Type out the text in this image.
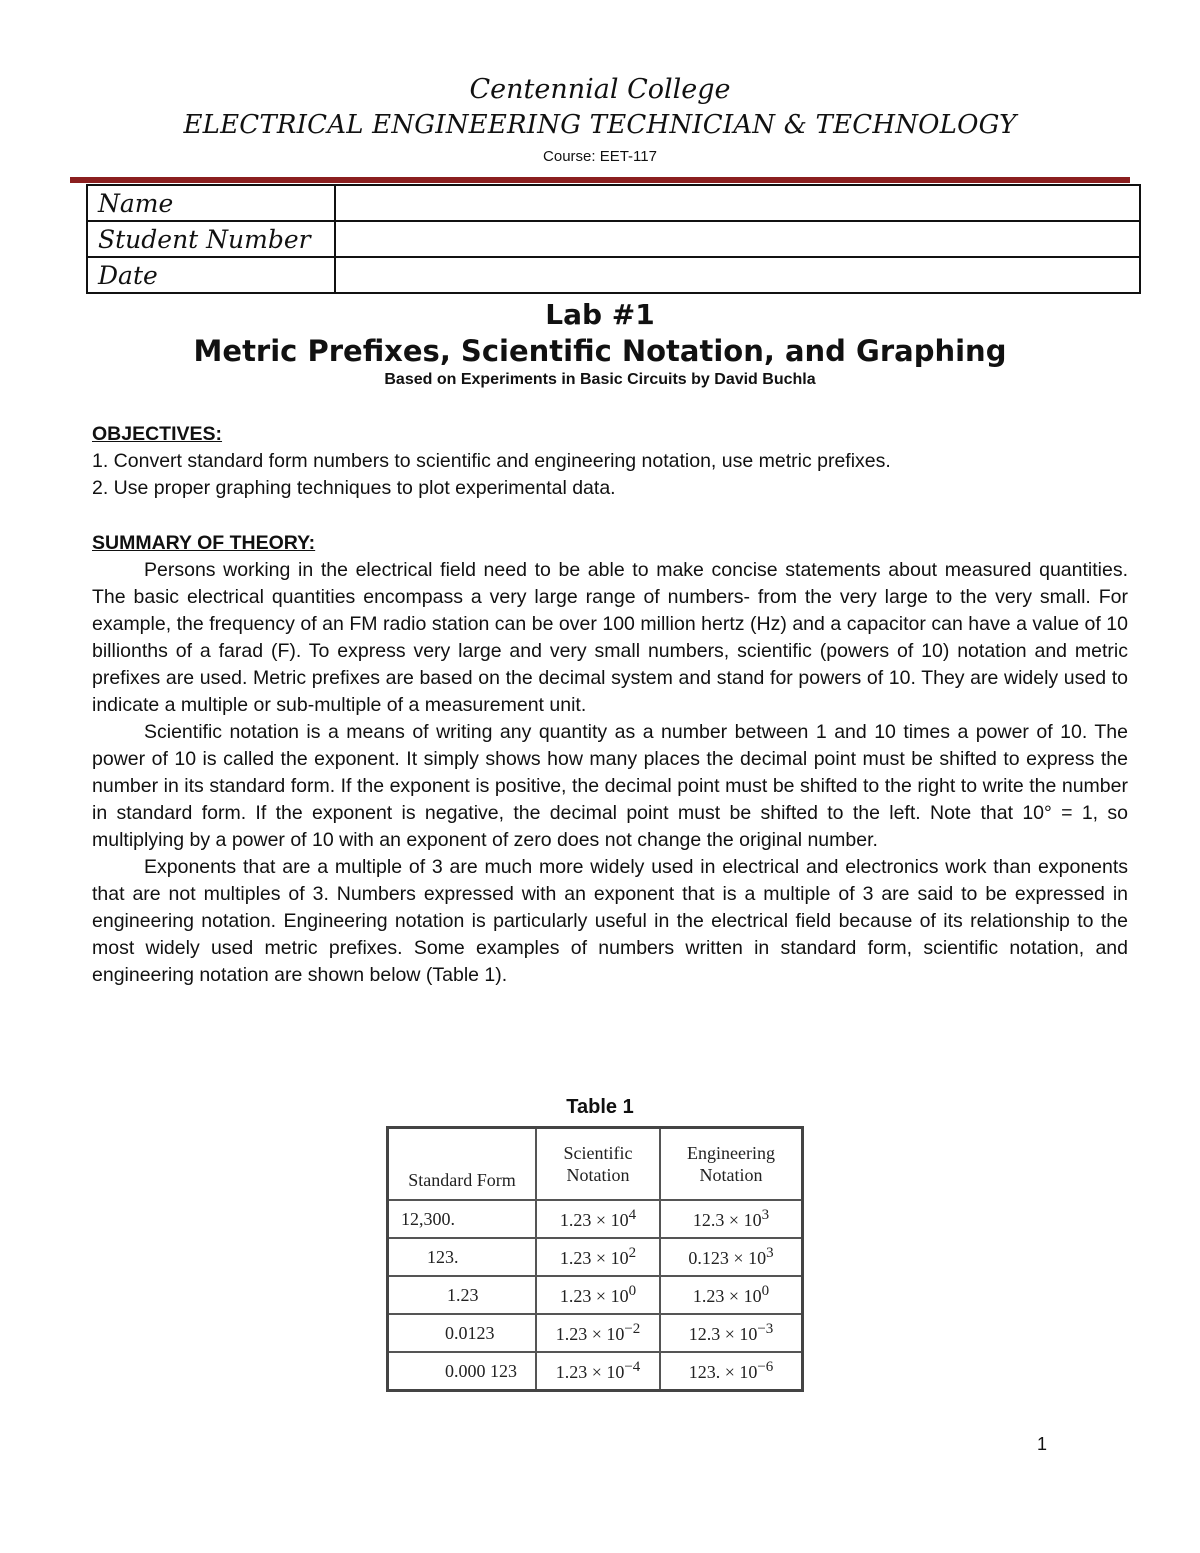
Centennial College
ELECTRICAL ENGINEERING TECHNICIAN & TECHNOLOGY
Course: EET-117
Name	
Student Number	
Date	
Lab #1
Metric Prefixes, Scientific Notation, and Graphing
Based on Experiments in Basic Circuits by David Buchla
OBJECTIVES:
1. Convert standard form numbers to scientific and engineering notation, use metric prefixes.
2. Use proper graphing techniques to plot experimental data.
SUMMARY OF THEORY:

Persons working in the electrical field need to be able to make concise statements about measured quantities. The basic electrical quantities encompass a very large range of numbers- from the very large to the very small. For example, the frequency of an FM radio station can be over 100 million hertz (Hz) and a capacitor can have a value of 10 billionths of a farad (F). To express very large and very small numbers, scientific (powers of 10) notation and metric prefixes are used. Metric prefixes are based on the decimal system and stand for powers of 10. They are widely used to indicate a multiple or sub-multiple of a measurement unit.

Scientific notation is a means of writing any quantity as a number between 1 and 10 times a power of 10. The power of 10 is called the exponent. It simply shows how many places the decimal point must be shifted to express the number in its standard form. If the exponent is positive, the decimal point must be shifted to the right to write the number in standard form. If the exponent is negative, the decimal point must be shifted to the left. Note that 10° = 1, so multiplying by a power of 10 with an exponent of zero does not change the original number.

Exponents that are a multiple of 3 are much more widely used in electrical and electronics work than exponents that are not multiples of 3. Numbers expressed with an exponent that is a multiple of 3 are said to be expressed in engineering notation. Engineering notation is particularly useful in the electrical field because of its relationship to the most widely used metric prefixes. Some examples of numbers written in standard form, scientific notation, and engineering notation are shown below (Table 1).

Table 1
Standard Form	Scientific Notation	Engineering Notation
12,300.	$1.23 \times 10^4$	$12.3 \times 10^3$
123.	$1.23 \times 10^2$	$0.123 \times 10^3$
1.23	$1.23 \times 10^0$	$1.23 \times 10^0$
0.0123	$1.23 \times 10^{-2}$	$12.3 \times 10^{-3}$
0.000 123	$1.23 \times 10^{-4}$	123. × $10^{-6}$
1
